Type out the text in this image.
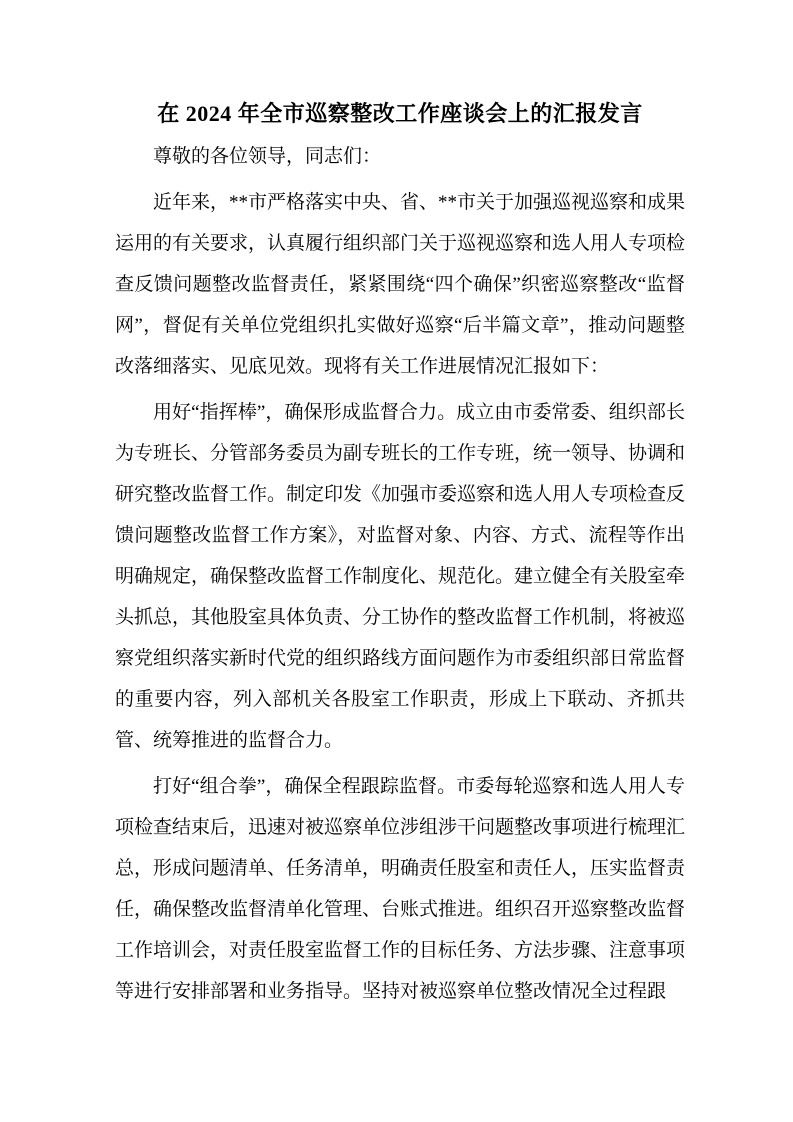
在 2024 年全市巡察整改工作座谈会上的汇报发言

尊敬的各位领导，同志们：

近年来，**市严格落实中央、省、**市关于加强巡视巡察和成果运用的有关要求，认真履行组织部门关于巡视巡察和选人用人专项检查反馈问题整改监督责任，紧紧围绕“四个确保”织密巡察整改“监督网”，督促有关单位党组织扎实做好巡察“后半篇文章”，推动问题整改落细落实、见底见效。现将有关工作进展情况汇报如下：

用好“指挥棒”，确保形成监督合力。成立由市委常委、组织部长为专班长、分管部务委员为副专班长的工作专班，统一领导、协调和研究整改监督工作。制定印发《加强市委巡察和选人用人专项检查反馈问题整改监督工作方案》，对监督对象、内容、方式、流程等作出明确规定，确保整改监督工作制度化、规范化。建立健全有关股室牵头抓总，其他股室具体负责、分工协作的整改监督工作机制，将被巡察党组织落实新时代党的组织路线方面问题作为市委组织部日常监督的重要内容，列入部机关各股室工作职责，形成上下联动、齐抓共管、统筹推进的监督合力。

打好“组合拳”，确保全程跟踪监督。市委每轮巡察和选人用人专项检查结束后，迅速对被巡察单位涉组涉干问题整改事项进行梳理汇总，形成问题清单、任务清单，明确责任股室和责任人，压实监督责任，确保整改监督清单化管理、台账式推进。组织召开巡察整改监督工作培训会，对责任股室监督工作的目标任务、方法步骤、注意事项等进行安排部署和业务指导。坚持对被巡察单位整改情况全过程跟
